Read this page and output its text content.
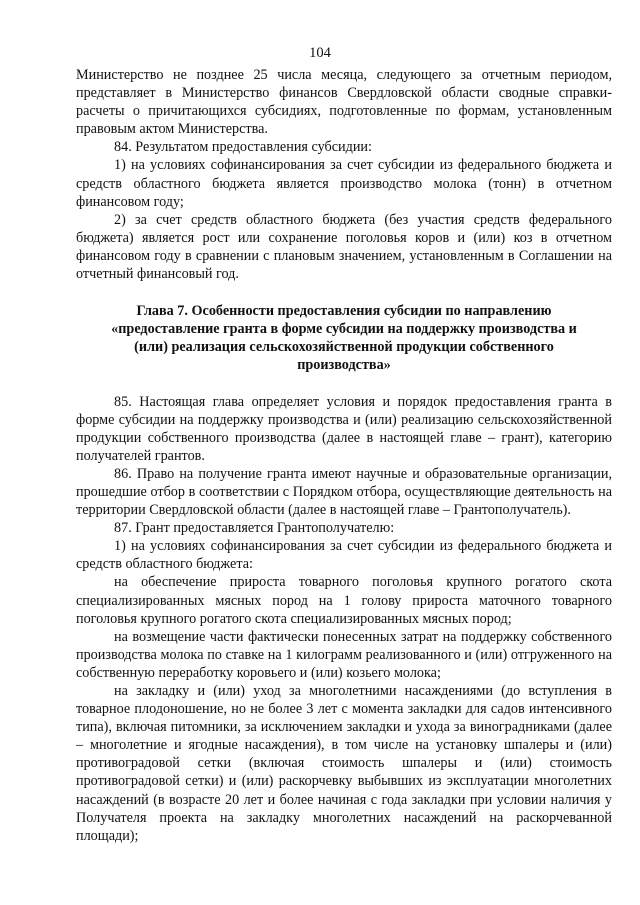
104

Министерство не позднее 25 числа месяца, следующего за отчетным периодом, представляет в Министерство финансов Свердловской области сводные справки-расчеты о причитающихся субсидиях, подготовленные по формам, установленным правовым актом Министерства.

84. Результатом предоставления субсидии:

1) на условиях софинансирования за счет субсидии из федерального бюджета и средств областного бюджета является производство молока (тонн) в отчетном финансовом году;

2) за счет средств областного бюджета (без участия средств федерального бюджета) является рост или сохранение поголовья коров и (или) коз в отчетном финансовом году в сравнении с плановым значением, установленным в Соглашении на отчетный финансовый год.

Глава 7. Особенности предоставления субсидии по направлению «предоставление гранта в форме субсидии на поддержку производства и (или) реализация сельскохозяйственной продукции собственного производства»

85. Настоящая глава определяет условия и порядок предоставления гранта в форме субсидии на поддержку производства и (или) реализацию сельскохозяйственной продукции собственного производства (далее в настоящей главе – грант), категорию получателей грантов.

86. Право на получение гранта имеют научные и образовательные организации, прошедшие отбор в соответствии с Порядком отбора, осуществляющие деятельность на территории Свердловской области (далее в настоящей главе – Грантополучатель).

87. Грант предоставляется Грантополучателю:

1) на условиях софинансирования за счет субсидии из федерального бюджета и средств областного бюджета:

на обеспечение прироста товарного поголовья крупного рогатого скота специализированных мясных пород на 1 голову прироста маточного товарного поголовья крупного рогатого скота специализированных мясных пород;

на возмещение части фактически понесенных затрат на поддержку собственного производства молока по ставке на 1 килограмм реализованного и (или) отгруженного на собственную переработку коровьего и (или) козьего молока;

на закладку и (или) уход за многолетними насаждениями (до вступления в товарное плодоношение, но не более 3 лет с момента закладки для садов интенсивного типа), включая питомники, за исключением закладки и ухода за виноградниками (далее – многолетние и ягодные насаждения), в том числе на установку шпалеры и (или) противоградовой сетки (включая стоимость шпалеры и (или) стоимость противоградовой сетки) и (или) раскорчевку выбывших из эксплуатации многолетних насаждений (в возрасте 20 лет и более начиная с года закладки при условии наличия у Получателя проекта на закладку многолетних насаждений на раскорчеванной площади);
